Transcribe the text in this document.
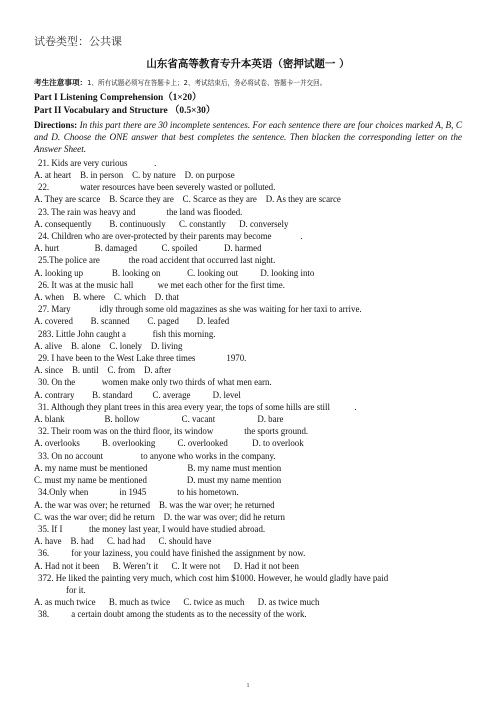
试卷类型：公共课
山东省高等教育专升本英语（密押试题一 ）
考生注意事项：1、所有试题必须写在答题卡上；2、考试结束后，务必将试卷、答题卡一并交回。
Part I Listening Comprehension（1×20）
Part II Vocabulary and Structure （0.5×30）
Directions: In this part there are 30 incomplete sentences. For each sentence there are four choices marked A, B, C and D. Choose the ONE answer that best completes the sentence. Then blacken the corresponding letter on the Answer Sheet.
21. Kids are very curious            .
A. at heart    B. in person    C. by nature    D. on purpose
22.              water resources have been severely wasted or polluted.
A. They are scarce    B. Scarce they are    C. Scarce as they are    D. As they are scarce
23. The rain was heavy and              the land was flooded.
A. consequently        B. continuously      C. constantly      D. conversely
24. Children who are over-protected by their parents may become             .
A. hurt                B. damaged           C. spoiled            D. harmed
25.The police are             the road accident that occurred last night.
A. looking up             B. looking on            C. looking out          D. looking into
26. It was at the music hall           we met each other for the first time.
A. when    B. where    C. which    D. that
27. Mary             idly through some old magazines as she was waiting for her taxi to arrive.
A. covered        B. scanned        C. paged        D. leafed
283. Little John caught a            fish this morning.
A. alive    B. alone    C. lonely    D. living
29. I have been to the West Lake three times              1970.
A. since    B. until    C. from    D. after
30. On the            women make only two thirds of what men earn.
A. contrary        B. standard         C. average          D. level
31. Although they plant trees in this area every year, the tops of some hills are still           .
A. blank                  B. hollow                   C. vacant                   D. bare
32. Their room was on the third floor, its window              the sports ground.
A. overlooks          B. overlooking          C. overlooked           D. to overlook
33. On no account                 to anyone who works in the company.
A. my name must be mentioned                  B. my name must mention
C. must my name be mentioned                  D. must my name mention
34.Only when              in 1945              to his hometown.
A. the war was over; he returned    B. was the war over; he returned
C. was the war over; did he return    D. the war was over; did he return
35. If I            the money last year, I would have studied abroad.
A. have    B. had      C. had had      C. should have
36.          for your laziness, you could have finished the assignment by now.
A. Had not it been      B. Weren’t it      C. It were not      D. Had it not been
372. He liked the painting very much, which cost him $1000. However, he would gladly have paid
for it.
A. as much twice      B. much as twice      C. twice as much      D. as twice much
38.          a certain doubt among the students as to the necessity of the work.
1
